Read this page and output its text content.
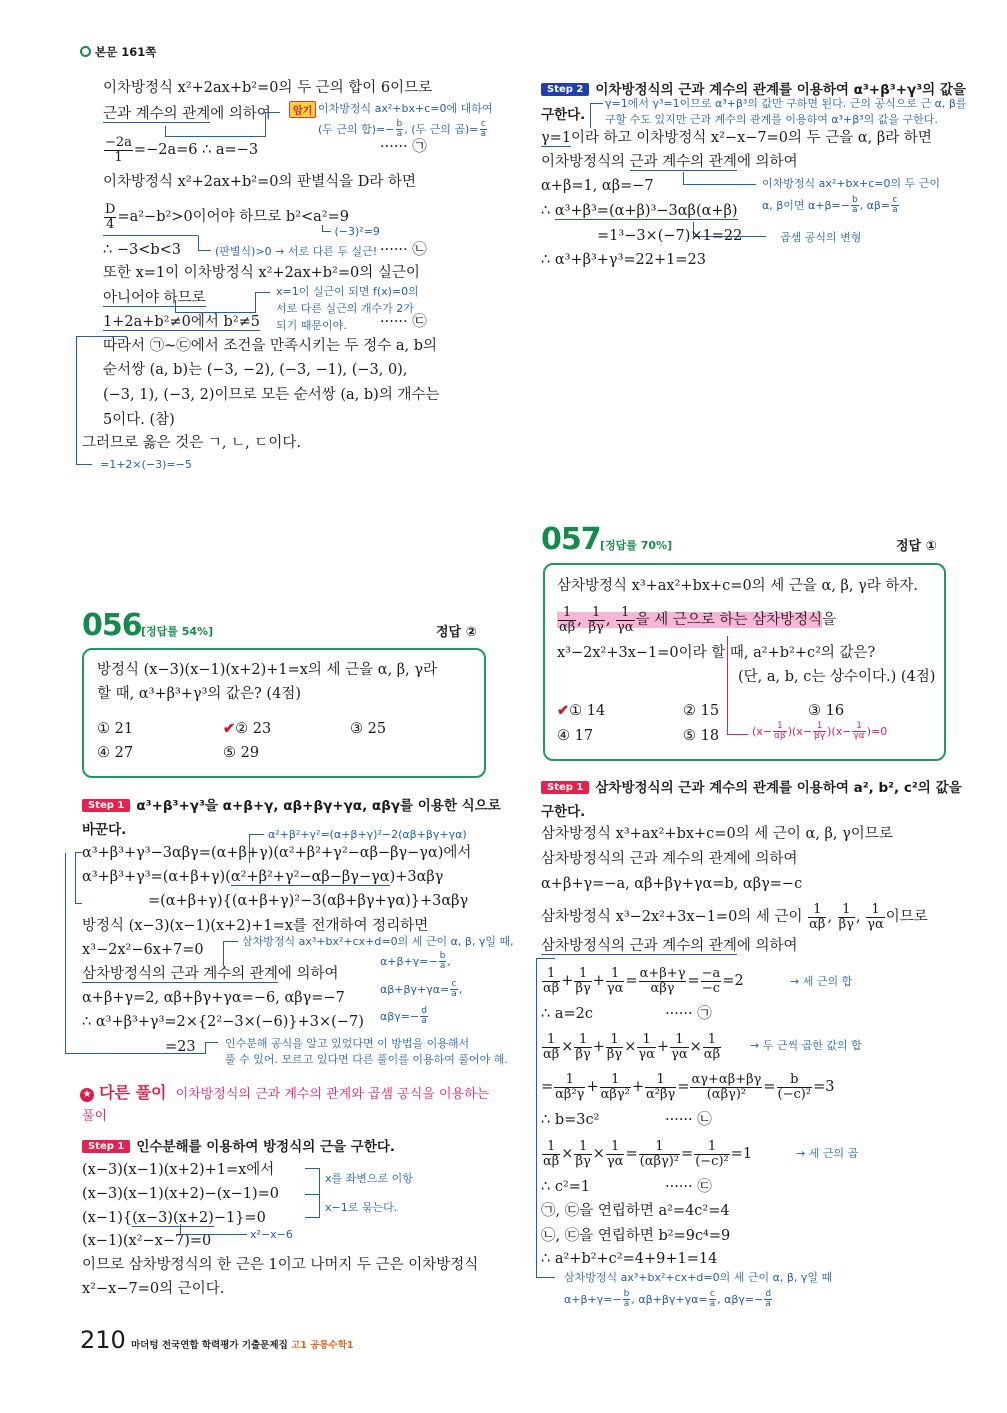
본문 161쪽
이차방정식 x²+2ax+b²=0의 두 근의 합이 6이므로
근과 계수의 관계에 의하여	암기 이차방정식 ax²+bx+c=0에 대하여
(두 근의 합)=− $\frac{b}{a}$ , (두 근의 곱)= $\frac{c}{a}$
$\frac{-2a}{1} =-2a=6$ ∴ a=−3	······ ㉠
이차방정식 x²+2ax+b²=0의 판별식을 D라 하면
$\frac{D}{4} =a^2-b^2>0$이어야 하므로 b²<a²=9
(−3)²=9
∴ −3<b<3	(판별식)>0 → 서로 다른 두 실근! ······ ㉡
또한 x=1이 이차방정식 x²+2ax+b²=0의 실근이
아니어야 하므로	x=1이 실근이 되면 f(x)=0의
서로 다른 실근의 개수가 2가
되기 때문이야.
1+2a+b²≠0에서 b²≠5	······ ㉢
따라서 ㉠~㉢에서 조건을 만족시키는 두 정수 a, b의
순서쌍 (a, b)는 (−3, −2), (−3, −1), (−3, 0),
(−3, 1), (−3, 2)이므로 모든 순서쌍 (a, b)의 개수는
5이다. (참)
그러므로 옳은 것은 ㄱ, ㄴ, ㄷ이다.
=1+2×(−3)=−5
Step 2 이차방정식의 근과 계수의 관계를 이용하여 α³+β³+γ³의 값을
구한다.
γ=1에서 γ³=1이므로 α³+β³의 값만 구하면 된다. 근의 공식으로 근 α, β를
구할 수도 있지만 근과 계수의 관계를 이용하여 α³+β³의 값을 구한다.
γ=1이라 하고 이차방정식 x²−x−7=0의 두 근을 α, β라 하면
이차방정식의 근과 계수의 관계에 의하여
α+β=1, αβ=−7	이차방정식 ax²+bx+c=0의 두 근이
α, β이면 $\alpha+\beta=- \frac{b}{a}$ , $\alpha\beta= \frac{c}{a}$
∴ α³+β³=(α+β)³−3αβ(α+β)
=1³−3×(−7)×1=22	곱셈 공식의 변형
∴ α³+β³+γ³=22+1=23
056 [정답률 54%]	정답 ②
방정식 (x−3)(x−1)(x+2)+1=x의 세 근을 α, β, γ라
할 때, α³+β³+γ³의 값은? (4점)
① 21	✔② 23	③ 25
④ 27	⑤ 29
Step 1 α³+β³+γ³을 α+β+γ, αβ+βγ+γα, αβγ를 이용한 식으로
바꾼다.	α²+β²+γ²=(α+β+γ)²−2(αβ+βγ+γα)
α³+β³+γ³−3αβγ=(α+β+γ)(α²+β²+γ²−αβ−βγ−γα)에서
α³+β³+γ³=(α+β+γ)(α²+β²+γ²−αβ−βγ−γα)+3αβγ
=(α+β+γ){(α+β+γ)²−3(αβ+βγ+γα)}+3αβγ
방정식 (x−3)(x−1)(x+2)+1=x를 전개하여 정리하면
x³−2x²−6x+7=0
삼차방정식 ax³+bx²+cx+d=0의 세 근이 α, β, γ일 때,
$\alpha+\beta+\gamma=- \frac{b}{a}$ ,
$\alpha\beta+\beta\gamma+\gamma\alpha= \frac{c}{a}$ ,
$\alpha\beta\gamma=- \frac{d}{a}$
삼차방정식의 근과 계수의 관계에 의하여
α+β+γ=2, αβ+βγ+γα=−6, αβγ=−7
∴ α³+β³+γ³=2×{2²−3×(−6)}+3×(−7)
=23	인수분해 공식을 알고 있었다면 이 방법을 이용해서
풀 수 있어. 모르고 있다면 다른 풀이를 이용하여 풀어야 해.
★ 다른 풀이 이차방정식의 근과 계수의 관계와 곱셈 공식을 이용하는
풀이
Step 1 인수분해를 이용하여 방정식의 근을 구한다.
(x−3)(x−1)(x+2)+1=x에서
(x−3)(x−1)(x+2)−(x−1)=0
(x−1){(x−3)(x+2)−1}=0
(x−1)(x²−x−7)=0
x를 좌변으로 이항
x−1로 묶는다.
x²−x−6
이므로 삼차방정식의 한 근은 1이고 나머지 두 근은 이차방정식
x²−x−7=0의 근이다.
057 [정답률 70%]	정답 ①
삼차방정식 x³+ax²+bx+c=0의 세 근을 α, β, γ라 하자.
$\frac{1}{\alpha\beta}$ , $\frac{1}{\beta\gamma}$ , $\frac{1}{\gamma\alpha}$ 을 세 근으로 하는 삼차방정식을
x³−2x²+3x−1=0이라 할 때, a²+b²+c²의 값은?
(단, a, b, c는 상수이다.) (4점)
✔① 14	② 15	③ 16
④ 17	⑤ 18	$(x- \frac{1}{\alpha\beta} )(x- \frac{1}{\beta\gamma} )(x- \frac{1}{\gamma\alpha} )=0$
Step 1 삼차방정식의 근과 계수의 관계를 이용하여 a², b², c²의 값을
구한다.
삼차방정식 x³+ax²+bx+c=0의 세 근이 α, β, γ이므로
삼차방정식의 근과 계수의 관계에 의하여
α+β+γ=−a, αβ+βγ+γα=b, αβγ=−c
삼차방정식 x³−2x²+3x−1=0의 세 근이 $\frac{1}{\alpha\beta}$ , $\frac{1}{\beta\gamma}$ , $\frac{1}{\gamma\alpha}$ 이므로
삼차방정식의 근과 계수의 관계에 의하여
$\frac{1}{\alpha\beta} + \frac{1}{\beta\gamma} + \frac{1}{\gamma\alpha} = \frac{\alpha+\beta+\gamma}{\text{αβγ}} = \frac{-a}{-c} =2$	→ 세 근의 합
∴ a=2c	······ ㉠
$\frac{1}{\alpha\beta} \times \frac{1}{\beta\gamma} + \frac{1}{\beta\gamma} \times \frac{1}{\gamma\alpha} + \frac{1}{\gamma\alpha} \times \frac{1}{\alpha\beta}$	→ 두 근씩 곱한 값의 합
= $\frac{1}{\text{αβ²γ}} + \frac{1}{\text{αβγ²}} + \frac{1}{\text{α²βγ}} = \frac{\alpha\gamma+\alpha\beta+\beta\gamma}{\text{(αβγ)²}} = \frac{b}{\text{(−c)²}} =3$
∴ b=3c²	······ ㉡
$\frac{1}{\alpha\beta} \times \frac{1}{\beta\gamma} \times \frac{1}{\gamma\alpha} = \frac{1}{\text{(αβγ)²}} = \frac{1}{\text{(−c)²}} =1$	→ 세 근의 곱
∴ c²=1	······ ㉢
㉠, ㉢을 연립하면 a²=4c²=4
㉡, ㉢을 연립하면 b²=9c⁴=9
∴ a²+b²+c²=4+9+1=14
삼차방정식 ax³+bx²+cx+d=0의 세 근이 α, β, γ일 때
$\alpha+\beta+\gamma=- \frac{b}{a}$ , $\alpha\beta+\beta\gamma+\gamma\alpha= \frac{c}{a}$ , $\alpha\beta\gamma=- \frac{d}{a}$
210 마더텅 전국연합 학력평가 기출문제집 고1 공통수학1
